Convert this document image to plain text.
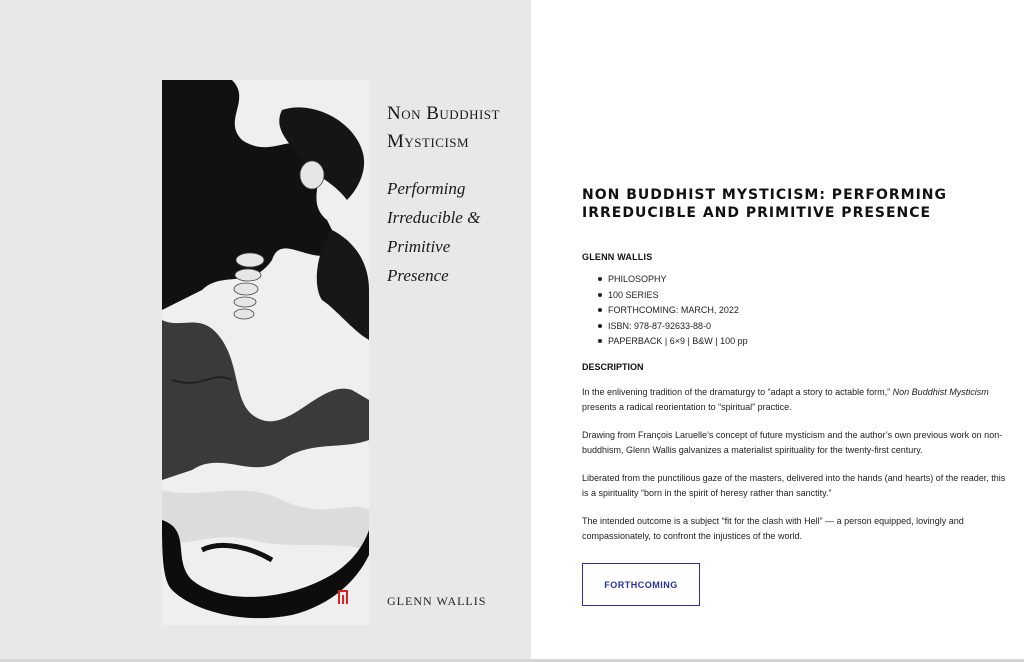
Non Buddhist
Mysticism
Performing
Irreducible &
Primitive
Presence
GLENN WALLIS
NON BUDDHIST MYSTICISM: PERFORMING IRREDUCIBLE AND PRIMITIVE PRESENCE
GLENN WALLIS
PHILOSOPHY
100 SERIES
FORTHCOMING: MARCH, 2022
ISBN: 978-87-92633-88-0
PAPERBACK | 6×9 | B&W | 100 pp
DESCRIPTION

In the enlivening tradition of the dramaturgy to “adapt a story to actable form,” Non Buddhist Mysticism presents a radical reorientation to “spiritual” practice.

Drawing from François Laruelle’s concept of future mysticism and the author’s own previous work on non-buddhism, Glenn Wallis galvanizes a materialist spirituality for the twenty-first century.

Liberated from the punctilious gaze of the masters, delivered into the hands (and hearts) of the reader, this is a spirituality “born in the spirit of heresy rather than sanctity.”

The intended outcome is a subject “fit for the clash with Hell” — a person equipped, lovingly and compassionately, to confront the injustices of the world.

FORTHCOMING
